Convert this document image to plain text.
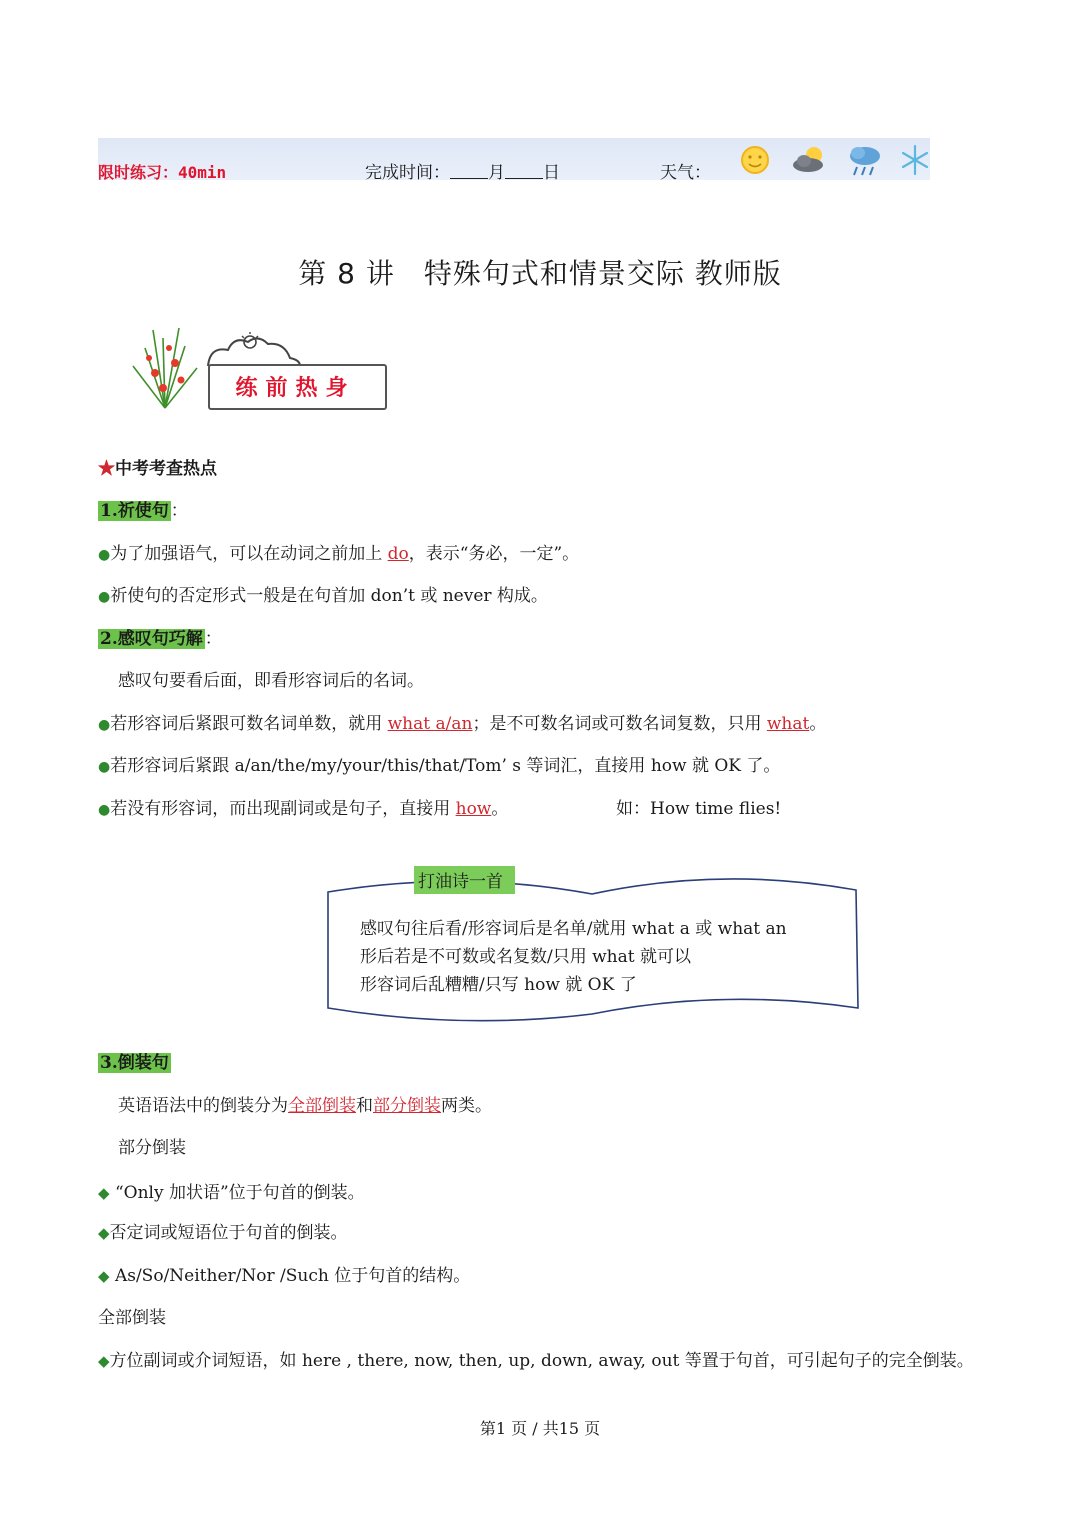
限时练习：40min	完成时间： 月 日	天气：
第 8 讲　特殊句式和情景交际 教师版
练前热身
★中考考查热点
1.祈使句 ：
●为了加强语气，可以在动词之前加上 do，表示“务必，一定”。
●祈使句的否定形式一般是在句首加 don’t 或 never 构成。
2.感叹句巧解 ：
感叹句要看后面，即看形容词后的名词。
●若形容词后紧跟可数名词单数，就用 what a/an；是不可数名词或可数名词复数，只用 what。
●若形容词后紧跟 a/an/the/my/your/this/that/Tom’ s 等词汇，直接用 how 就 OK 了。
●若没有形容词，而出现副词或是句子，直接用 how。	如：How time flies!
打油诗一首
感叹句往后看/形容词后是名单/就用 what a 或 what an
形后若是不可数或名复数/只用 what 就可以
形容词后乱糟糟/只写 how 就 OK 了
3.倒装句
英语语法中的倒装分为全部倒装和部分倒装两类。
部分倒装
◆ “Only 加状语”位于句首的倒装。
◆否定词或短语位于句首的倒装。
◆ As/So/Neither/Nor /Such 位于句首的结构。
全部倒装
◆方位副词或介词短语，如 here , there, now, then, up, down, away, out 等置于句首，可引起句子的完全倒装。
第1 页 / 共15 页
